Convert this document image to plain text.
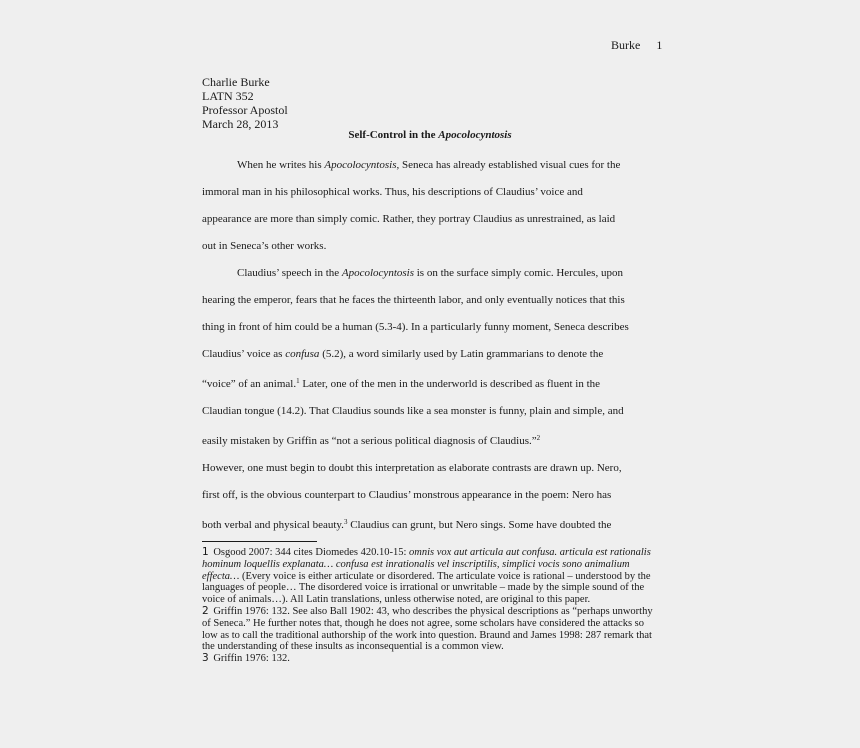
Burke 1
Charlie Burke
LATN 352
Professor Apostol
March 28, 2013
Self-Control in the Apocolocyntosis

When he writes his Apocolocyntosis, Seneca has already established visual cues for the
immoral man in his philosophical works. Thus, his descriptions of Claudius’ voice and
appearance are more than simply comic. Rather, they portray Claudius as unrestrained, as laid
out in Seneca’s other works.

Claudius’ speech in the Apocolocyntosis is on the surface simply comic. Hercules, upon
hearing the emperor, fears that he faces the thirteenth labor, and only eventually notices that this
thing in front of him could be a human (5.3-4). In a particularly funny moment, Seneca describes
Claudius’ voice as confusa (5.2), a word similarly used by Latin grammarians to denote the
“voice” of an animal.$^1$ Later, one of the men in the underworld is described as fluent in the
Claudian tongue (14.2). That Claudius sounds like a sea monster is funny, plain and simple, and
easily mistaken by Griffin as “not a serious political diagnosis of Claudius.”$^2$

However, one must begin to doubt this interpretation as elaborate contrasts are drawn up. Nero,
first off, is the obvious counterpart to Claudius’ monstrous appearance in the poem: Nero has
both verbal and physical beauty.$^3$ Claudius can grunt, but Nero sings. Some have doubted the

1 Osgood 2007: 344 cites Diomedes 420.10-15: omnis vox aut articula aut confusa. articula est rationalis hominum loquellis explanata… confusa est inrationalis vel inscriptilis, simplici vocis sono animalium effecta… (Every voice is either articulate or disordered. The articulate voice is rational – understood by the languages of people… The disordered voice is irrational or unwritable – made by the simple sound of the voice of animals…). All Latin translations, unless otherwise noted, are original to this paper.

2 Griffin 1976: 132. See also Ball 1902: 43, who describes the physical descriptions as “perhaps unworthy of Seneca.” He further notes that, though he does not agree, some scholars have considered the attacks so low as to call the traditional authorship of the work into question. Braund and James 1998: 287 remark that the understanding of these insults as inconsequential is a common view.

3 Griffin 1976: 132.
